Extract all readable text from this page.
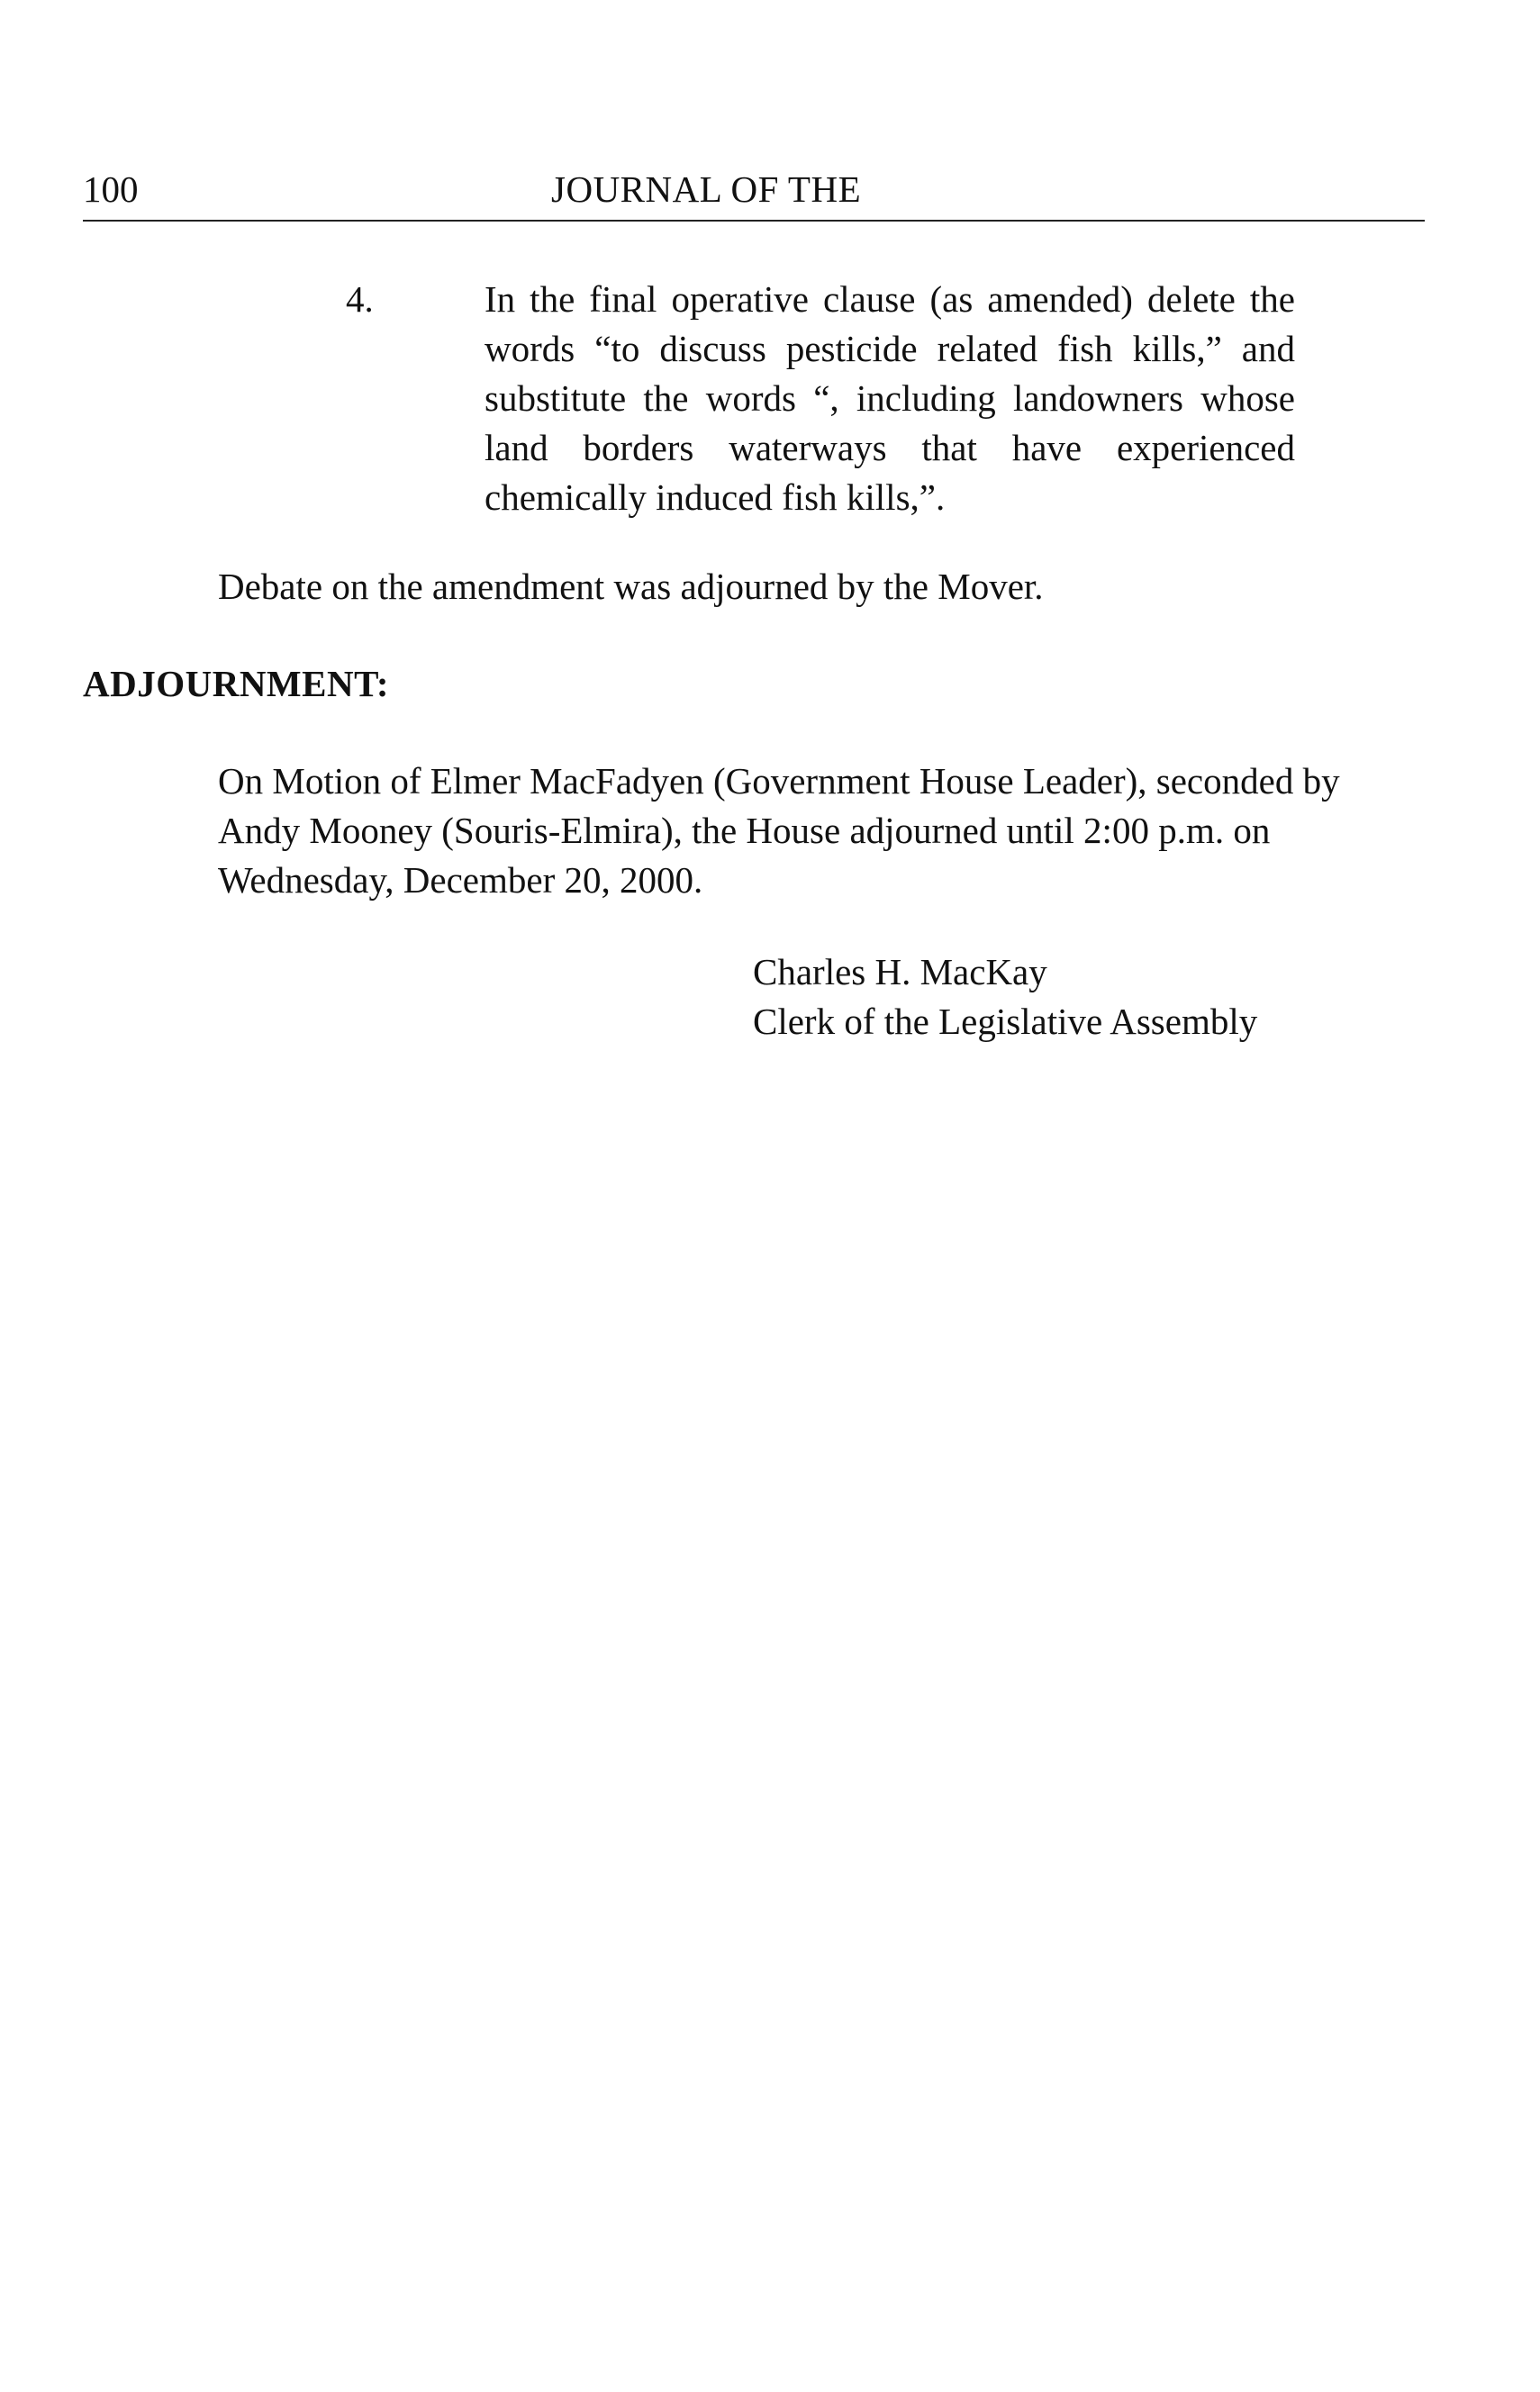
100	JOURNAL OF THE
4.	In the final operative clause (as amended) delete the words “to discuss pesticide related fish kills,” and substitute the words “, including landowners whose land borders waterways that have experienced chemically induced fish kills,”.
Debate on the amendment was adjourned by the Mover.
ADJOURNMENT:
On Motion of Elmer MacFadyen (Government House Leader), seconded by Andy Mooney (Souris-Elmira), the House adjourned until 2:00 p.m. on Wednesday, December 20, 2000.
Charles H. MacKay
Clerk of the Legislative Assembly
